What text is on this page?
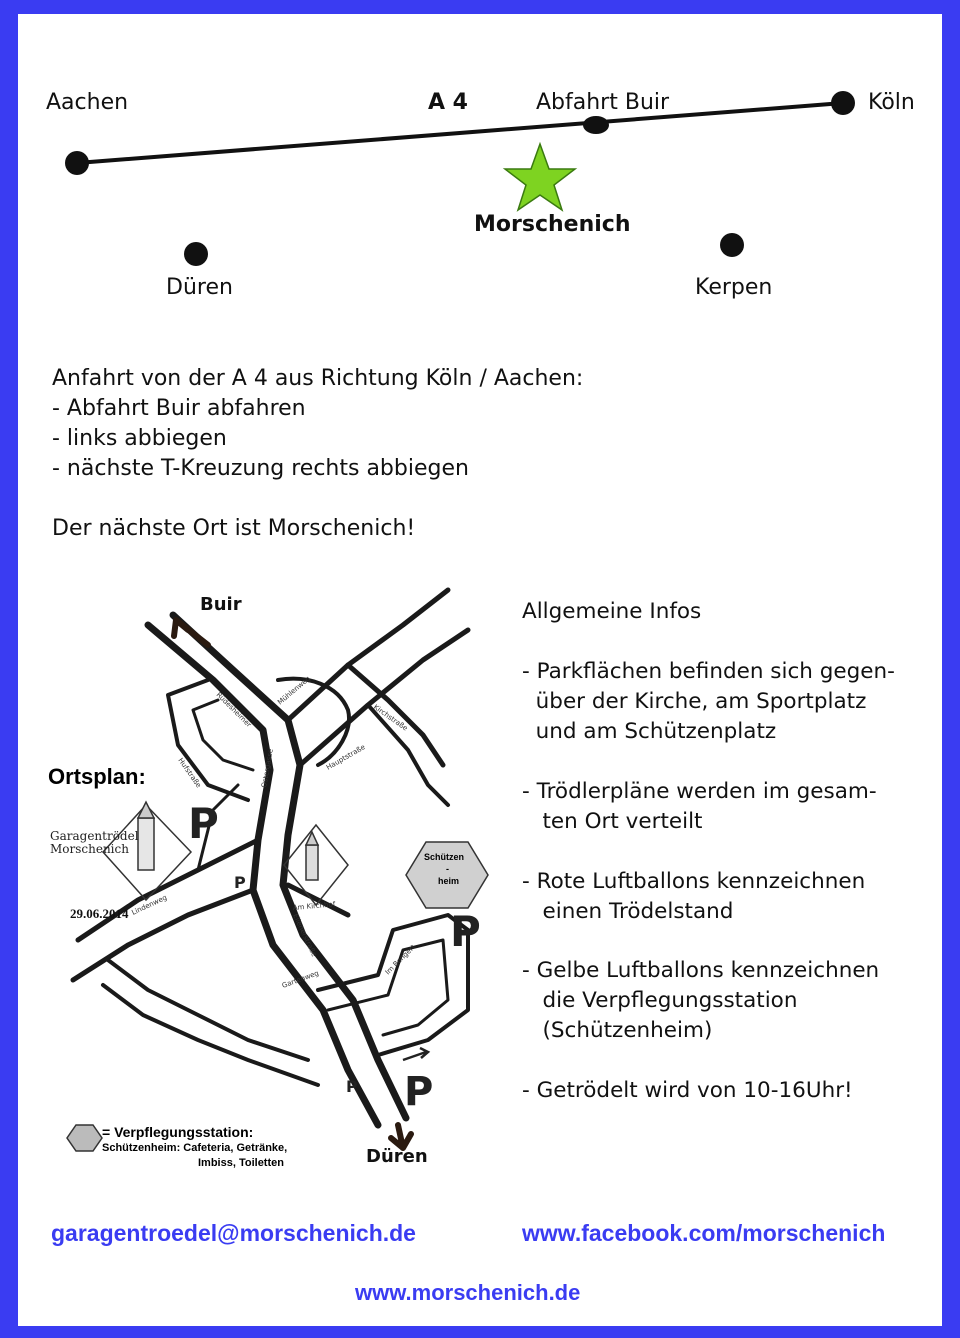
Aachen	A 4	Abfahrt Buir	Köln
Morschenich
Düren	Kerpen
Anfahrt von der A 4 aus Richtung Köln / Aachen:
- Abfahrt Buir abfahren
- links abbiegen
- nächste T-Kreuzung rechts abbiegen
Der nächste Ort ist Morschenich!
Rüdesheimer
Mühlenweg
Kirchstraße
Ostergasse
Ellenerstraße
Lindenweg
Hufstraße
Im Bongert
Hauptstraße
Gartenweg
Am Kirchhof
P
P
P
P P
Ortsplan:
Garagentrödel Morschenich
29.06.2014
Buir
Düren
Schützen
-
heim
= Verpflegungsstation:
Schützenheim: Cafeteria, Getränke,
Imbiss, Toiletten
Allgemeine Infos
- Parkflächen befinden sich gegen-
über der Kirche, am Sportplatz
und am Schützenplatz
- Trödlerpläne werden im gesam-
ten Ort verteilt
- Rote Luftballons kennzeichnen
einen Trödelstand
- Gelbe Luftballons kennzeichnen
die Verpflegungsstation
(Schützenheim)
- Getrödelt wird von 10-16Uhr!
garagentroedel@morschenich.de	www.facebook.com/morschenich
www.morschenich.de
